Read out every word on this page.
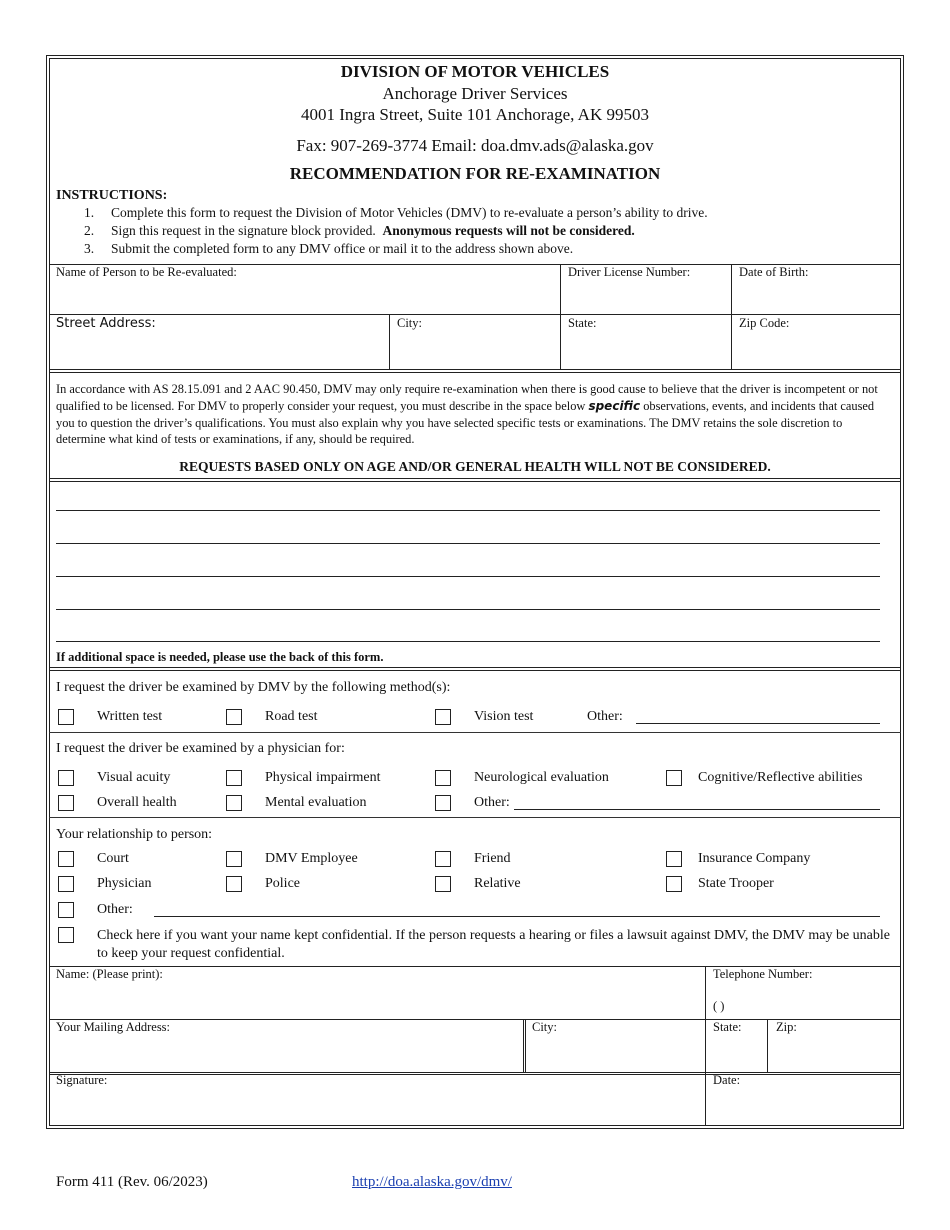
DIVISION OF MOTOR VEHICLES
Anchorage Driver Services
4001 Ingra Street, Suite 101 Anchorage, AK 99503
Fax: 907-269-3774 Email: doa.dmv.ads@alaska.gov
RECOMMENDATION FOR RE-EXAMINATION
INSTRUCTIONS:
1. Complete this form to request the Division of Motor Vehicles (DMV) to re-evaluate a person’s ability to drive.
2. Sign this request in the signature block provided. Anonymous requests will not be considered.
3. Submit the completed form to any DMV office or mail it to the address shown above.
Name of Person to be Re-evaluated:	Driver License Number:	Date of Birth:
Street Address:	City:	State:	Zip Code:
In accordance with AS 28.15.091 and 2 AAC 90.450, DMV may only require re-examination when there is good cause to believe that the driver is incompetent or not qualified to be licensed. For DMV to properly consider your request, you must describe in the space below specific observations, events, and incidents that caused you to question the driver’s qualifications. You must also explain why you have selected specific tests or examinations. The DMV retains the sole discretion to determine what kind of tests or examinations, if any, should be required.
REQUESTS BASED ONLY ON AGE AND/OR GENERAL HEALTH WILL NOT BE CONSIDERED.
If additional space is needed, please use the back of this form.
I request the driver be examined by DMV by the following method(s):
Written test	Road test	Vision test	Other:
I request the driver be examined by a physician for:
Visual acuity	Physical impairment	Neurological evaluation	Cognitive/Reflective abilities
Overall health	Mental evaluation	Other:
Your relationship to person:
Court	DMV Employee	Friend	Insurance Company
Physician	Police	Relative	State Trooper
Other:
Check here if you want your name kept confidential. If the person requests a hearing or files a lawsuit against DMV, the DMV may be unable to keep your request confidential.
Name: (Please print):	Telephone Number:
( )
Your Mailing Address:	City:	State:	Zip:
Signature:	Date:
Form 411 (Rev. 06/2023)	http://doa.alaska.gov/dmv/
